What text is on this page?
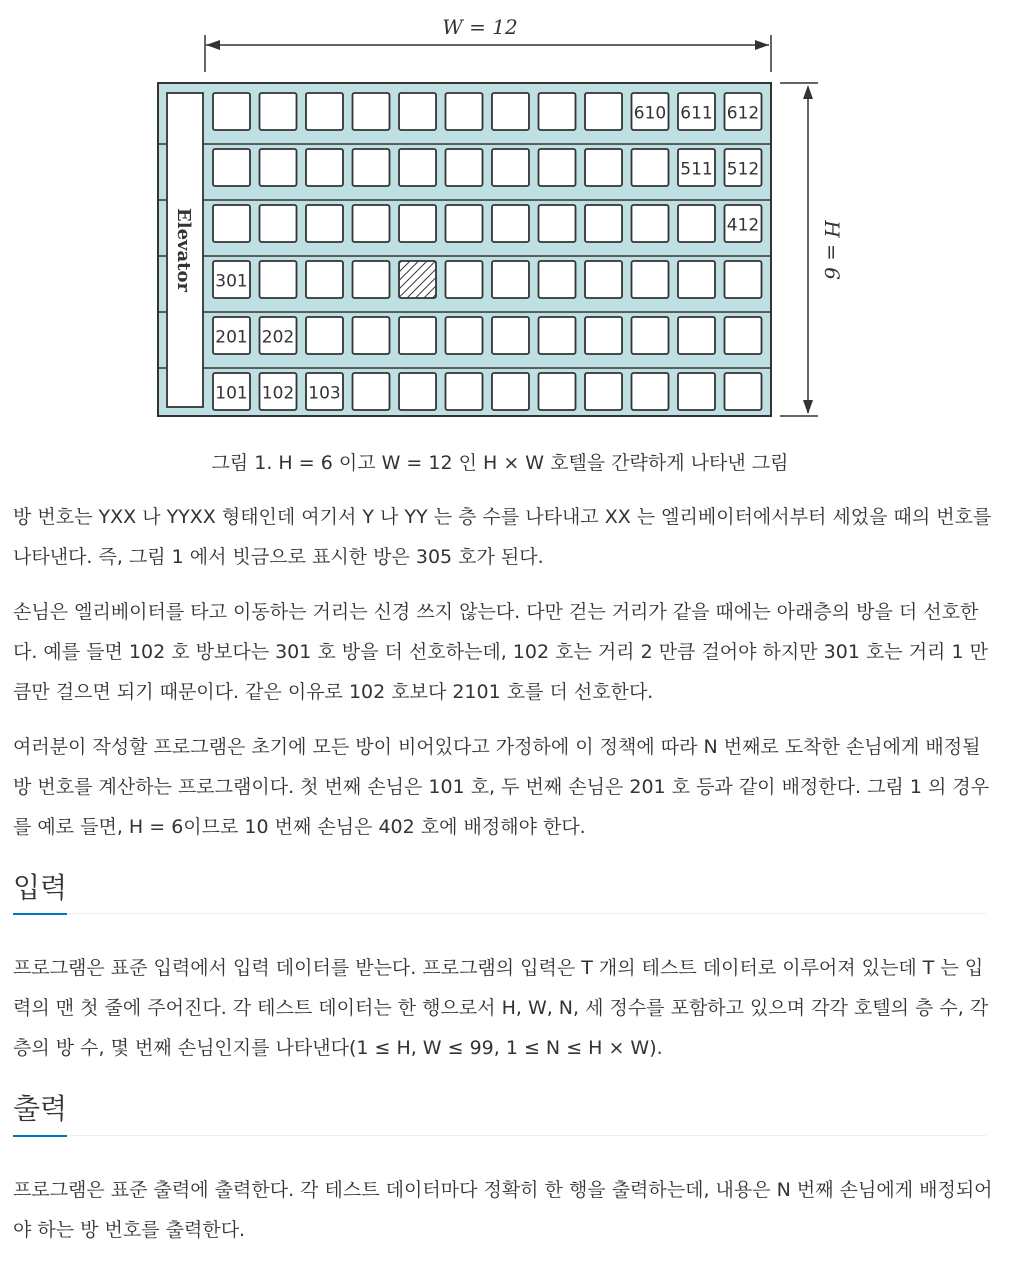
W = 12
H = 6
Elevator
610 611 612
511 512
412
301
201 202
101 102 103
그림 1. H = 6 이고 W = 12 인 H × W 호텔을 간략하게 나타낸 그림

방 번호는 YXX 나 YYXX 형태인데 여기서 Y 나 YY 는 층 수를 나타내고 XX 는 엘리베이터에서부터 세었을 때의 번호를 나타낸다. 즉, 그림 1 에서 빗금으로 표시한 방은 305 호가 된다.

손님은 엘리베이터를 타고 이동하는 거리는 신경 쓰지 않는다. 다만 걷는 거리가 같을 때에는 아래층의 방을 더 선호한다. 예를 들면 102 호 방보다는 301 호 방을 더 선호하는데, 102 호는 거리 2 만큼 걸어야 하지만 301 호는 거리 1 만큼만 걸으면 되기 때문이다. 같은 이유로 102 호보다 2101 호를 더 선호한다.

여러분이 작성할 프로그램은 초기에 모든 방이 비어있다고 가정하에 이 정책에 따라 N 번째로 도착한 손님에게 배정될 방 번호를 계산하는 프로그램이다. 첫 번째 손님은 101 호, 두 번째 손님은 201 호 등과 같이 배정한다. 그림 1 의 경우를 예로 들면, H = 6이므로 10 번째 손님은 402 호에 배정해야 한다.

입력

프로그램은 표준 입력에서 입력 데이터를 받는다. 프로그램의 입력은 T 개의 테스트 데이터로 이루어져 있는데 T 는 입력의 맨 첫 줄에 주어진다. 각 테스트 데이터는 한 행으로서 H, W, N, 세 정수를 포함하고 있으며 각각 호텔의 층 수, 각 층의 방 수, 몇 번째 손님인지를 나타낸다(1 ≤ H, W ≤ 99, 1 ≤ N ≤ H × W).

출력

프로그램은 표준 출력에 출력한다. 각 테스트 데이터마다 정확히 한 행을 출력하는데, 내용은 N 번째 손님에게 배정되어야 하는 방 번호를 출력한다.
